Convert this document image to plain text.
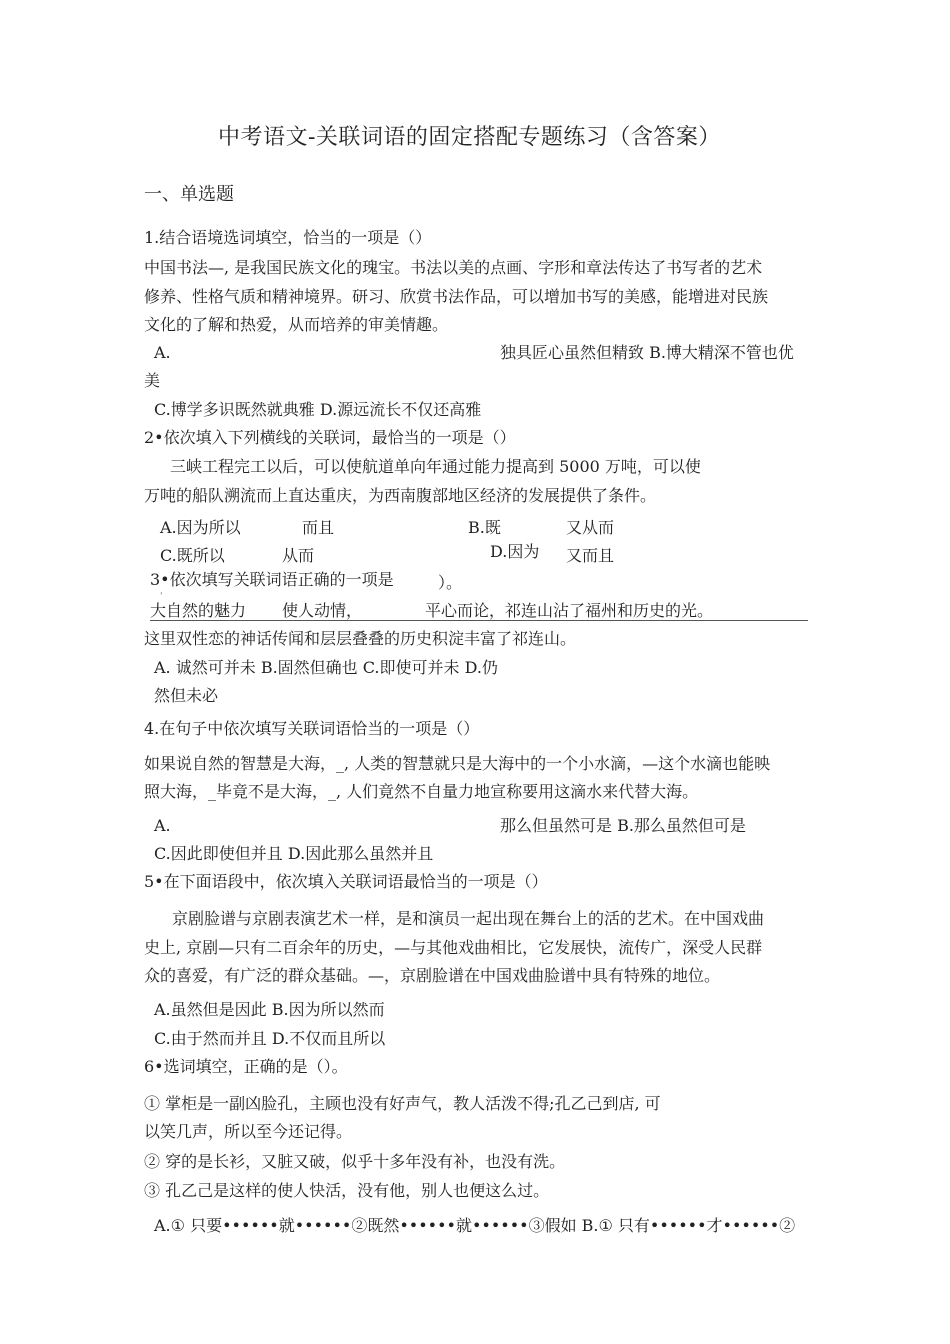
中考语文-关联词语的固定搭配专题练习（含答案）
一、单选题
1.结合语境选词填空，恰当的一项是（）
中国书法—, 是我国民族文化的瑰宝。书法以美的点画、字形和章法传达了书写者的艺术
修养、性格气质和精神境界。研习、欣赏书法作品，可以增加书写的美感，能增进对民族
文化的了解和热爱，从而培养的审美情趣。
A.	独具匠心虽然但精致 B.博大精深不管也优
美
C.博学多识既然就典雅 D.源远流长不仅还高雅
2•依次填入下列横线的关联词，最恰当的一项是（）
三峡工程完工以后，可以使航道单向年通过能力提高到 5000 万吨，可以使
万吨的船队溯流而上直达重庆，为西南腹部地区经济的发展提供了条件。
A.因为所以	而且	B.既	又从而
C.既所以	从而	D.因为 又而且
3•依次填写关联词语正确的一项是	）。
'
大自然的魅力 使人动情，	平心而论，祁连山沾了福州和历史的光。
这里双性恋的神话传闻和层层叠叠的历史积淀丰富了祁连山。
A. 诚然可并未 B.固然但确也 C.即使可并未 D.仍
然但未必
4.在句子中依次填写关联词语恰当的一项是（）
如果说自然的智慧是大海，_, 人类的智慧就只是大海中的一个小水滴，—这个水滴也能映
照大海，_毕竟不是大海，_, 人们竟然不自量力地宣称要用这滴水来代替大海。
A.	那么但虽然可是 B.那么虽然但可是
C.因此即使但并且 D.因此那么虽然并且
5•在下面语段中，依次填入关联词语最恰当的一项是（）
京剧脸谱与京剧表演艺术一样，是和演员一起出现在舞台上的活的艺术。在中国戏曲
史上, 京剧—只有二百余年的历史，—与其他戏曲相比，它发展快，流传广，深受人民群
众的喜爱，有广泛的群众基础。—，京剧脸谱在中国戏曲脸谱中具有特殊的地位。
A.虽然但是因此 B.因为所以然而
C.由于然而并且 D.不仅而且所以
6•选词填空，正确的是（）。
① 掌柜是一副凶脸孔，主顾也没有好声气，教人活泼不得;孔乙己到店, 可
以笑几声，所以至今还记得。
② 穿的是长衫，又脏又破，似乎十多年没有补，也没有洗。
③ 孔乙己是这样的使人快活，没有他，别人也便这么过。
A.① 只要••••••就••••••②既然••••••就••••••③假如 B.① 只有••••••才••••••②
